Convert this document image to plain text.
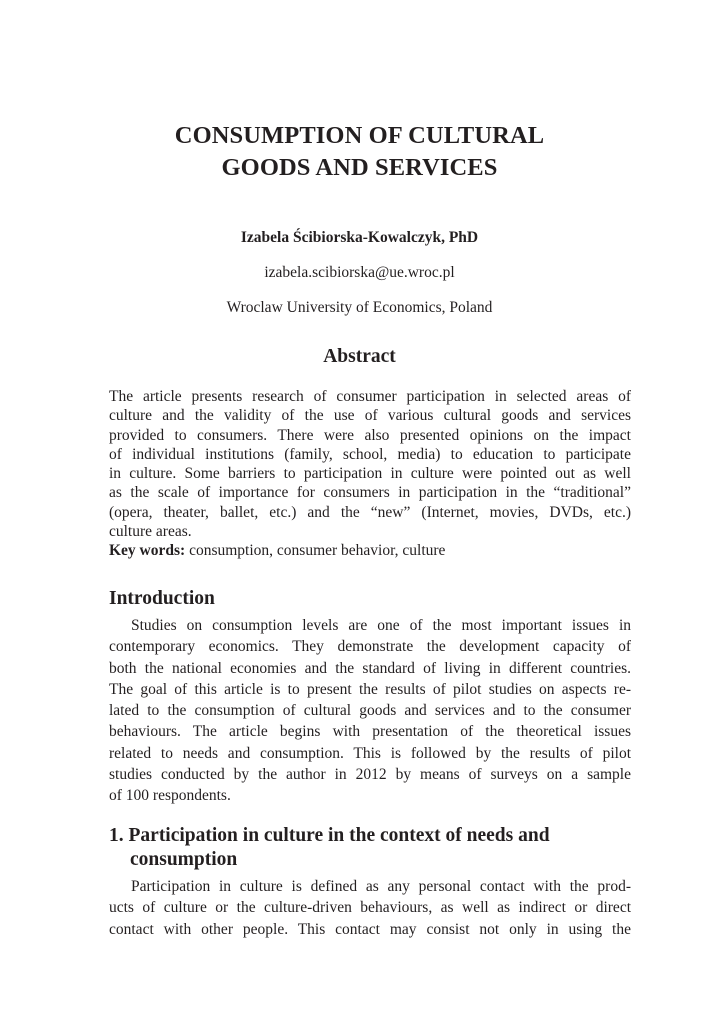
CONSUMPTION OF CULTURAL
GOODS AND SERVICES
Izabela Ścibiorska-Kowalczyk, PhD
izabela.scibiorska@ue.wroc.pl
Wroclaw University of Economics, Poland
Abstract
The article presents research of consumer participation in selected areas of
culture and the validity of the use of various cultural goods and services
provided to consumers. There were also presented opinions on the impact
of individual institutions (family, school, media) to education to participate
in culture. Some barriers to participation in culture were pointed out as well
as the scale of importance for consumers in participation in the “traditional”
(opera, theater, ballet, etc.) and the “new” (Internet, movies, DVDs, etc.)
culture areas.
Key words: consumption, consumer behavior, culture
Introduction
Studies on consumption levels are one of the most important issues in
contemporary economics. They demonstrate the development capacity of
both the national economies and the standard of living in different countries.
The goal of this article is to present the results of pilot studies on aspects re-
lated to the consumption of cultural goods and services and to the consumer
behaviours. The article begins with presentation of the theoretical issues
related to needs and consumption. This is followed by the results of pilot
studies conducted by the author in 2012 by means of surveys on a sample
of 100 respondents.
1. Participation in culture in the context of needs and
consumption
Participation in culture is defined as any personal contact with the prod-
ucts of culture or the culture-driven behaviours, as well as indirect or direct
contact with other people. This contact may consist not only in using the
